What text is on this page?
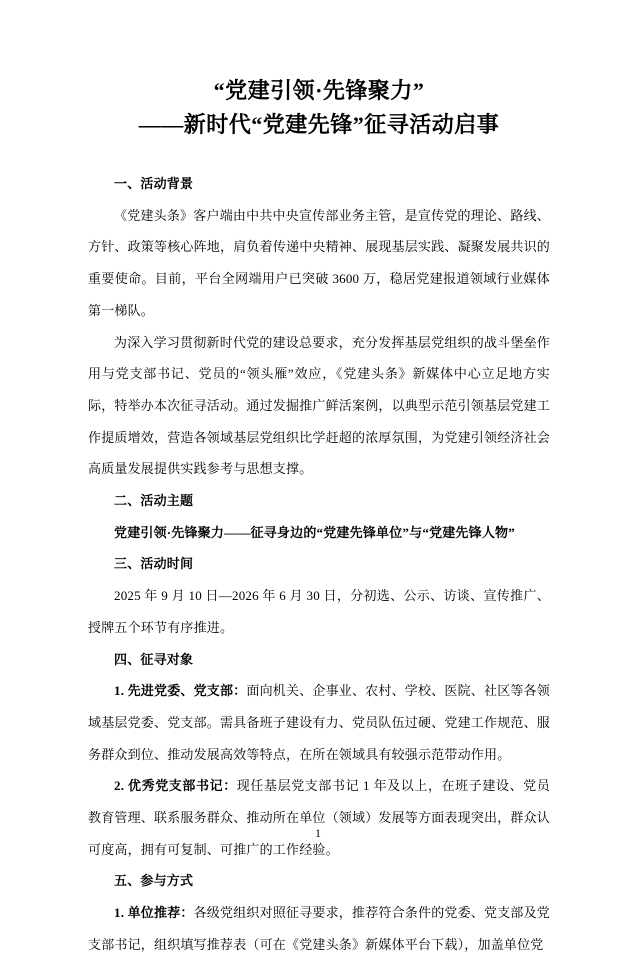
“党建引领·先锋聚力”
——新时代“党建先锋”征寻活动启事

一、活动背景

《党建头条》客户端由中共中央宣传部业务主管，是宣传党的理论、路线、方针、政策等核心阵地，肩负着传递中央精神、展现基层实践、凝聚发展共识的重要使命。目前，平台全网端用户已突破 3600 万，稳居党建报道领域行业媒体第一梯队。

为深入学习贯彻新时代党的建设总要求，充分发挥基层党组织的战斗堡垒作用与党支部书记、党员的“领头雁”效应，《党建头条》新媒体中心立足地方实际，特举办本次征寻活动。通过发掘推广鲜活案例，以典型示范引领基层党建工作提质增效，营造各领域基层党组织比学赶超的浓厚氛围，为党建引领经济社会高质量发展提供实践参考与思想支撑。

二、活动主题

党建引领·先锋聚力——征寻身边的“党建先锋单位”与“党建先锋人物”

三、活动时间

2025 年 9 月 10 日—2026 年 6 月 30 日，分初选、公示、访谈、宣传推广、授牌五个环节有序推进。

四、征寻对象

1. 先进党委、党支部：面向机关、企事业、农村、学校、医院、社区等各领域基层党委、党支部。需具备班子建设有力、党员队伍过硬、党建工作规范、服务群众到位、推动发展高效等特点，在所在领域具有较强示范带动作用。

2. 优秀党支部书记：现任基层党支部书记 1 年及以上，在班子建设、党员教育管理、联系服务群众、推动所在单位（领域）发展等方面表现突出，群众认可度高，拥有可复制、可推广的工作经验。

五、参与方式

1. 单位推荐：各级党组织对照征寻要求，推荐符合条件的党委、党支部及党支部书记，组织填写推荐表（可在《党建头条》新媒体平台下载），加盖单位党

1
